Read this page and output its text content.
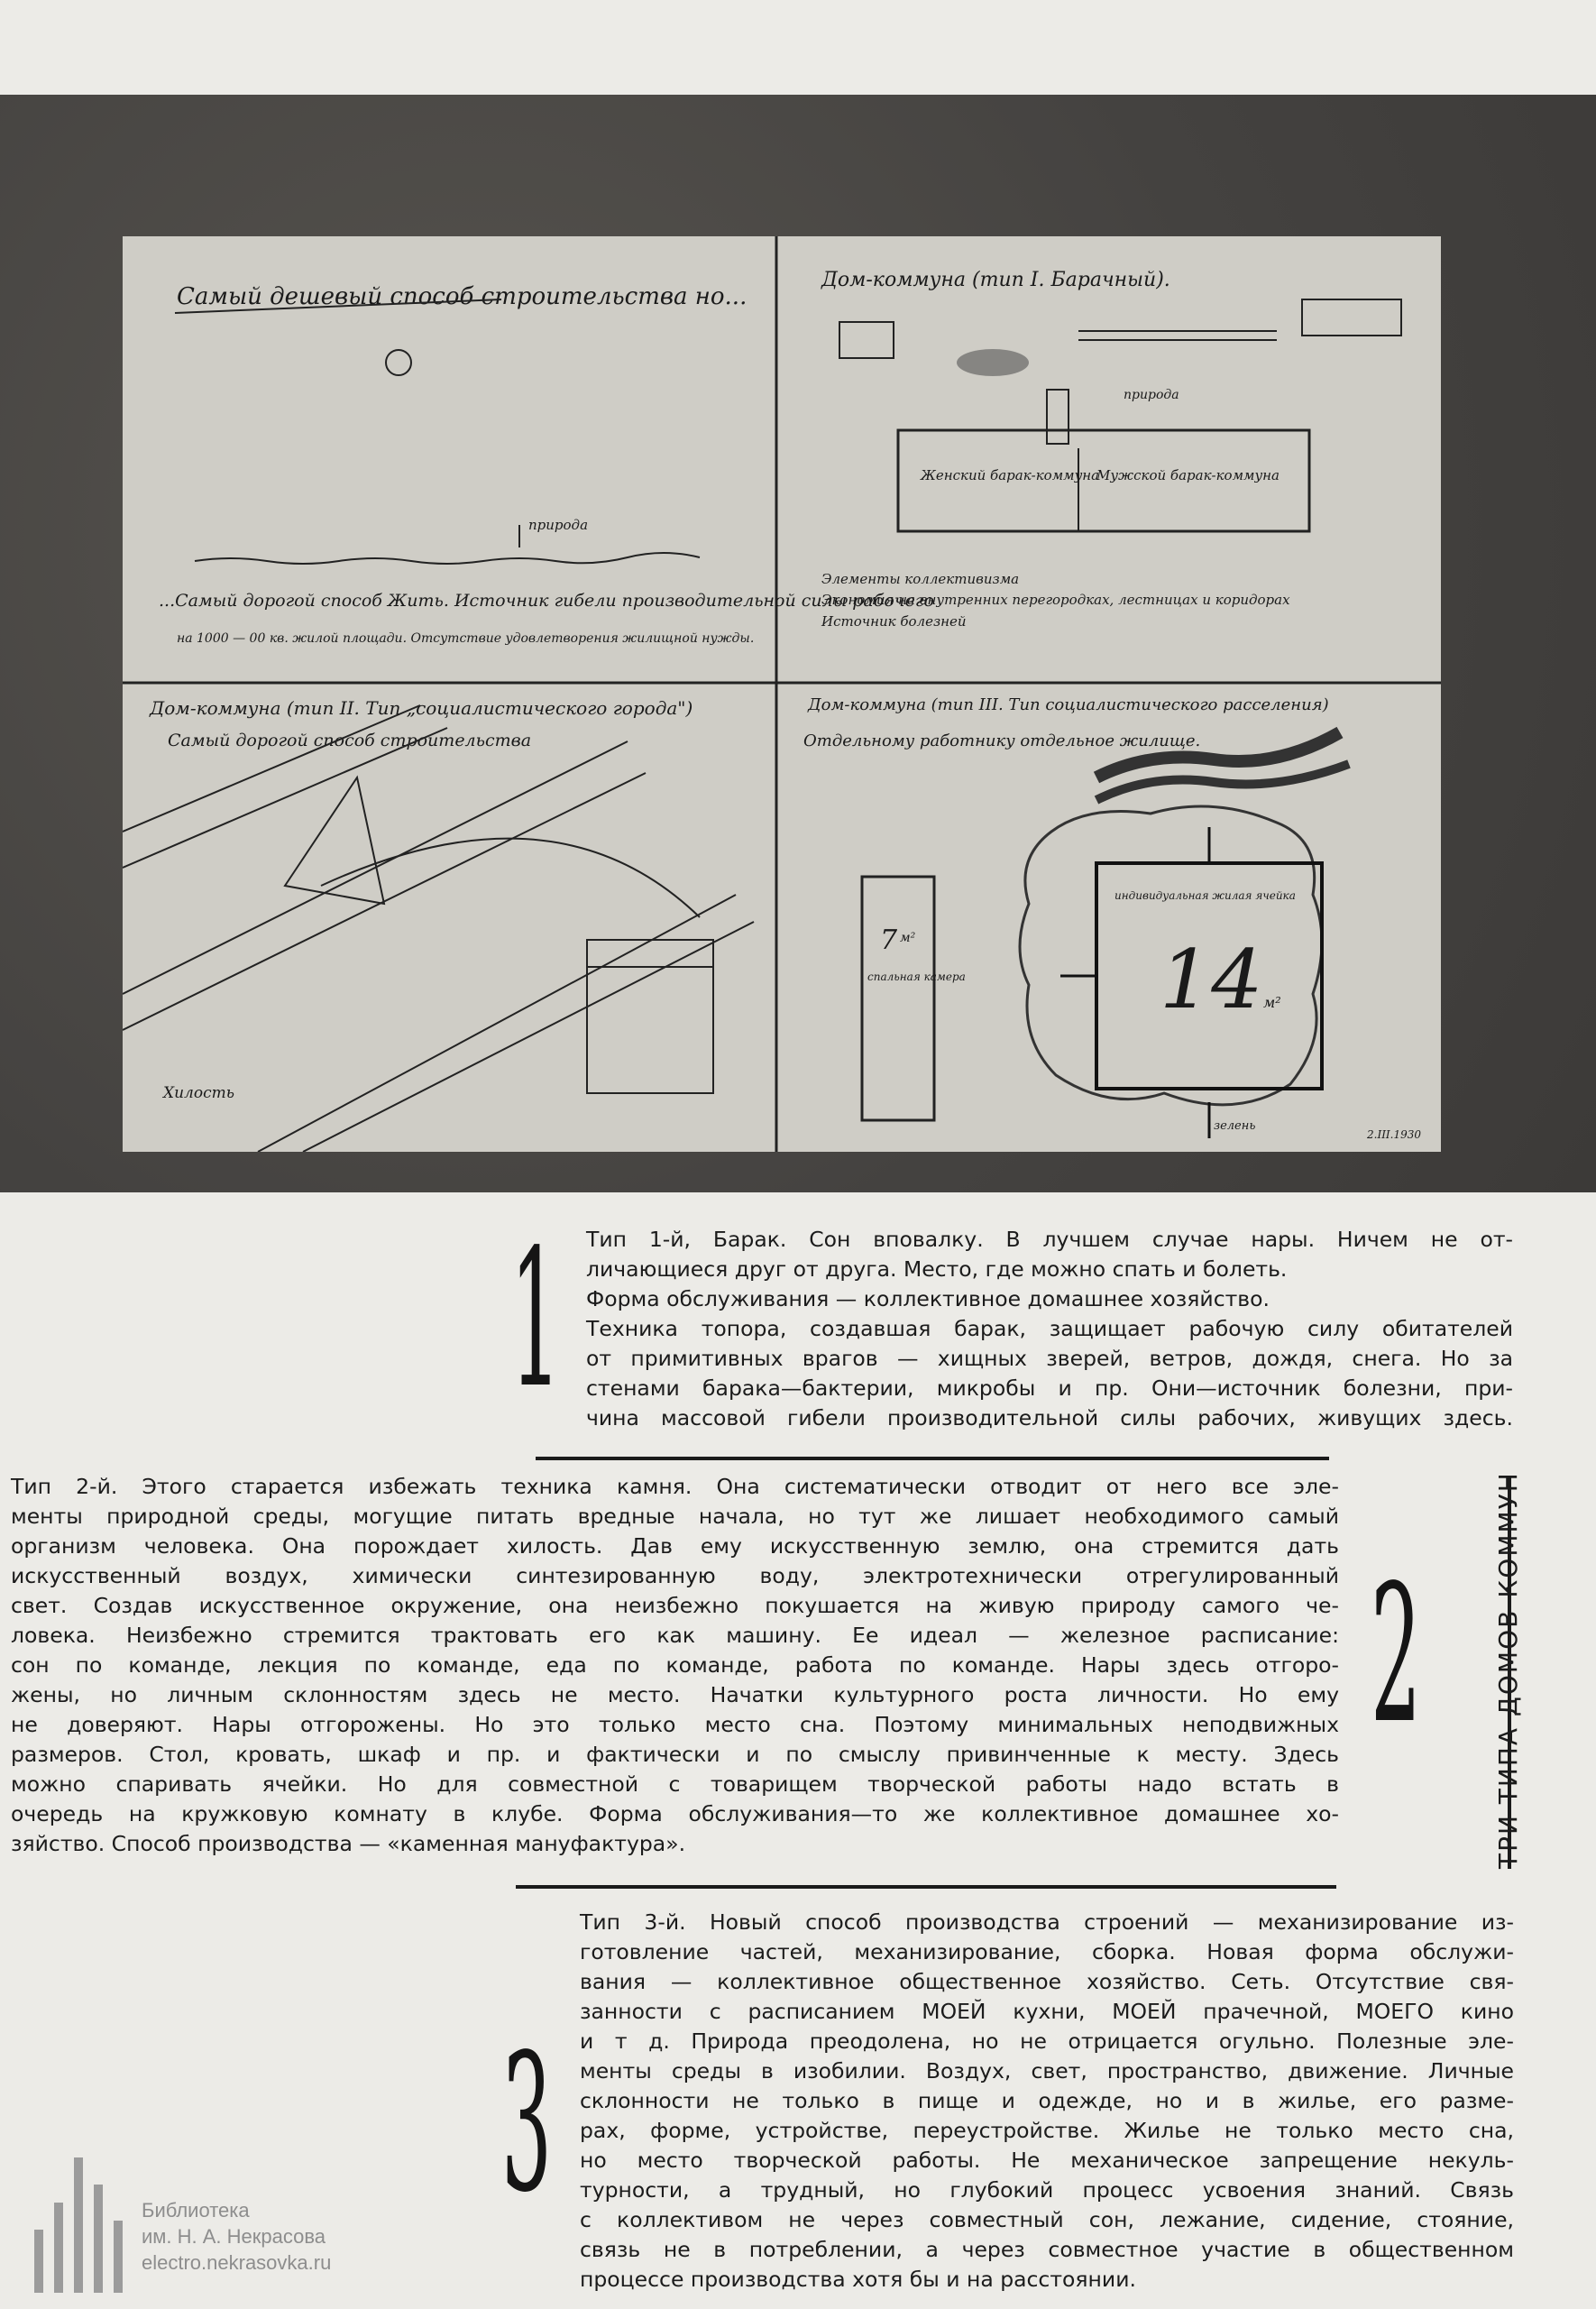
Самый дешевый способ строительства но...
природа
...Самый дорогой способ Жить. Источник гибели производительной силы рабочего
на 1000 — 00 кв. жилой площади. Отсутствие удовлетворения жилищной нужды.
Дом-коммуна (тип I. Барачный).
природа
Женский барак-коммуна
Мужской барак-коммуна
Элементы коллективизма
Экономия на внутренних перегородках, лестницах и коридорах
Источник болезней
Дом-коммуна (тип II. Тип „социалистического города")
Самый дорогой способ строительства
Хилость
Дом-коммуна (тип III. Тип социалистического расселения)
Отдельному работнику отдельное жилище.
7 м²
спальная камера
индивидуальная жилая ячейка
14 м²
зелень
2.III.1930
1 Тип 1-й, Барак. Сон вповалку. В лучшем случае нары. Ничем не от-
личающиеся друг от друга. Место, где можно спать и болеть.
Форма обслуживания — коллективное домашнее хозяйство.
Техника топора, создавшая барак, защищает рабочую силу обитателей
от примитивных врагов — хищных зверей, ветров, дождя, снега. Но за
стенами барака—бактерии, микробы и пр. Они—источник болезни, при-
чина массовой гибели производительной силы рабочих, живущих здесь.
Тип 2-й. Этого старается избежать техника камня. Она систематически отводит от него все эле-
менты природной среды, могущие питать вредные начала, но тут же лишает необходимого самый
организм человека. Она порождает хилость. Дав ему искусственную землю, она стремится дать
искусственный воздух, химически синтезированную воду, электротехнически отрегулированный
свет. Создав искусственное окружение, она неизбежно покушается на живую природу самого че-
ловека. Неизбежно стремится трактовать его как машину. Ее идеал — железное расписание:
сон по команде, лекция по команде, еда по команде, работа по команде. Нары здесь отгоро-
жены, но личным склонностям здесь не место. Начатки культурного роста личности. Но ему
не доверяют. Нары отгорожены. Но это только место сна. Поэтому минимальных неподвижных
размеров. Стол, кровать, шкаф и пр. и фактически и по смыслу привинченные к месту. Здесь
можно спаривать ячейки. Но для совместной с товарищем творческой работы надо встать в
очередь на кружковую комнату в клубе. Форма обслуживания—то же коллективное домашнее хо-
зяйство. Способ производства — «каменная мануфактура».
2	ТРИ ТИПА ДОМОВ-КОММУН
Тип 3-й. Новый способ производства строений — механизирование из-
готовление частей, механизирование, сборка. Новая форма обслужи-
вания — коллективное общественное хозяйство. Сеть. Отсутствие свя-
занности с расписанием МОЕЙ кухни, МОЕЙ прачечной, МОЕГО кино
и т д. Природа преодолена, но не отрицается огульно. Полезные эле-
менты среды в изобилии. Воздух, свет, пространство, движение. Личные
склонности не только в пище и одежде, но и в жилье, его разме-
рах, форме, устройстве, переустройстве. Жилье не только место сна,
но место творческой работы. Не механическое запрещение некуль-
турности, а трудный, но глубокий процесс усвоения знаний. Связь
с коллективом не через совместный сон, лежание, сидение, стояние,
связь не в потреблении, а через совместное участие в общественном
процессе производства хотя бы и на расстоянии.
3
Библиотека
им. Н. А. Некрасова
electro.nekrasovka.ru
